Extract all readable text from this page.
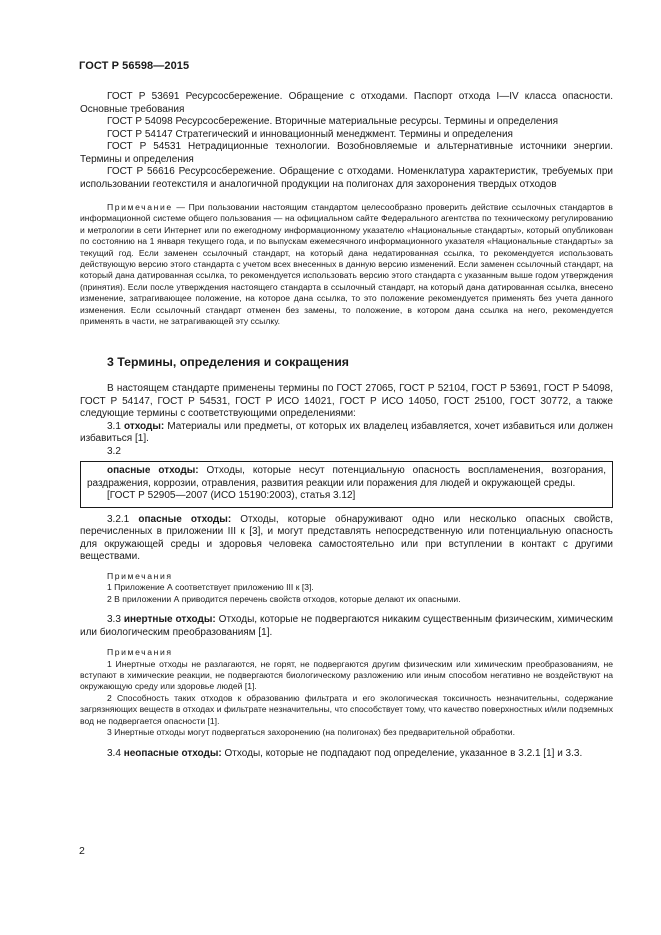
ГОСТ Р 56598—2015

ГОСТ Р 53691 Ресурсосбережение. Обращение с отходами. Паспорт отхода I—IV класса опасности. Основные требования

ГОСТ Р 54098 Ресурсосбережение. Вторичные материальные ресурсы. Термины и определения

ГОСТ Р 54147 Стратегический и инновационный менеджмент. Термины и определения

ГОСТ Р 54531 Нетрадиционные технологии. Возобновляемые и альтернативные источники энергии. Термины и определения

ГОСТ Р 56616 Ресурсосбережение. Обращение с отходами. Номенклатура характеристик, требуемых при использовании геотекстиля и аналогичной продукции на полигонах для захоронения твердых отходов

Примечание — При пользовании настоящим стандартом целесообразно проверить действие ссылочных стандартов в информационной системе общего пользования — на официальном сайте Федерального агентства по техническому регулированию и метрологии в сети Интернет или по ежегодному информационному указателю «Национальные стандарты», который опубликован по состоянию на 1 января текущего года, и по выпускам ежемесячного информационного указателя «Национальные стандарты» за текущий год. Если заменен ссылочный стандарт, на который дана недатированная ссылка, то рекомендуется использовать действующую версию этого стандарта с учетом всех внесенных в данную версию изменений. Если заменен ссылочный стандарт, на который дана датированная ссылка, то рекомендуется использовать версию этого стандарта с указанным выше годом утверждения (принятия). Если после утверждения настоящего стандарта в ссылочный стандарт, на который дана датированная ссылка, внесено изменение, затрагивающее положение, на которое дана ссылка, то это положение рекомендуется применять без учета данного изменения. Если ссылочный стандарт отменен без замены, то положение, в котором дана ссылка на него, рекомендуется применять в части, не затрагивающей эту ссылку.

3 Термины, определения и сокращения

В настоящем стандарте применены термины по ГОСТ 27065, ГОСТ Р 52104, ГОСТ Р 53691, ГОСТ Р 54098, ГОСТ Р 54147, ГОСТ Р 54531, ГОСТ Р ИСО 14021, ГОСТ Р ИСО 14050, ГОСТ 25100, ГОСТ 30772, а также следующие термины с соответствующими определениями:

3.1 отходы: Материалы или предметы, от которых их владелец избавляется, хочет избавиться или должен избавиться [1].

3.2

опасные отходы: Отходы, которые несут потенциальную опасность воспламенения, возгорания, раздражения, коррозии, отравления, развития реакции или поражения для людей и окружающей среды.

[ГОСТ Р 52905—2007 (ИСО 15190:2003), статья 3.12]

3.2.1 опасные отходы: Отходы, которые обнаруживают одно или несколько опасных свойств, перечисленных в приложении III к [3], и могут представлять непосредственную или потенциальную опасность для окружающей среды и здоровья человека самостоятельно или при вступлении в контакт с другими веществами.

Примечания

1 Приложение А соответствует приложению III к [3].

2 В приложении А приводится перечень свойств отходов, которые делают их опасными.

3.3 инертные отходы: Отходы, которые не подвергаются никаким существенным физическим, химическим или биологическим преобразованиям [1].

Примечания

1 Инертные отходы не разлагаются, не горят, не подвергаются другим физическим или химическим преобразованиям, не вступают в химические реакции, не подвергаются биологическому разложению или иным способом негативно не воздействуют на окружающую среду или здоровье людей [1].

2 Способность таких отходов к образованию фильтрата и его экологическая токсичность незначительны, содержание загрязняющих веществ в отходах и фильтрате незначительны, что способствует тому, что качество поверхностных и/или подземных вод не подвергается опасности [1].

3 Инертные отходы могут подвергаться захоронению (на полигонах) без предварительной обработки.

3.4 неопасные отходы: Отходы, которые не подпадают под определение, указанное в 3.2.1 [1] и 3.3.

2
